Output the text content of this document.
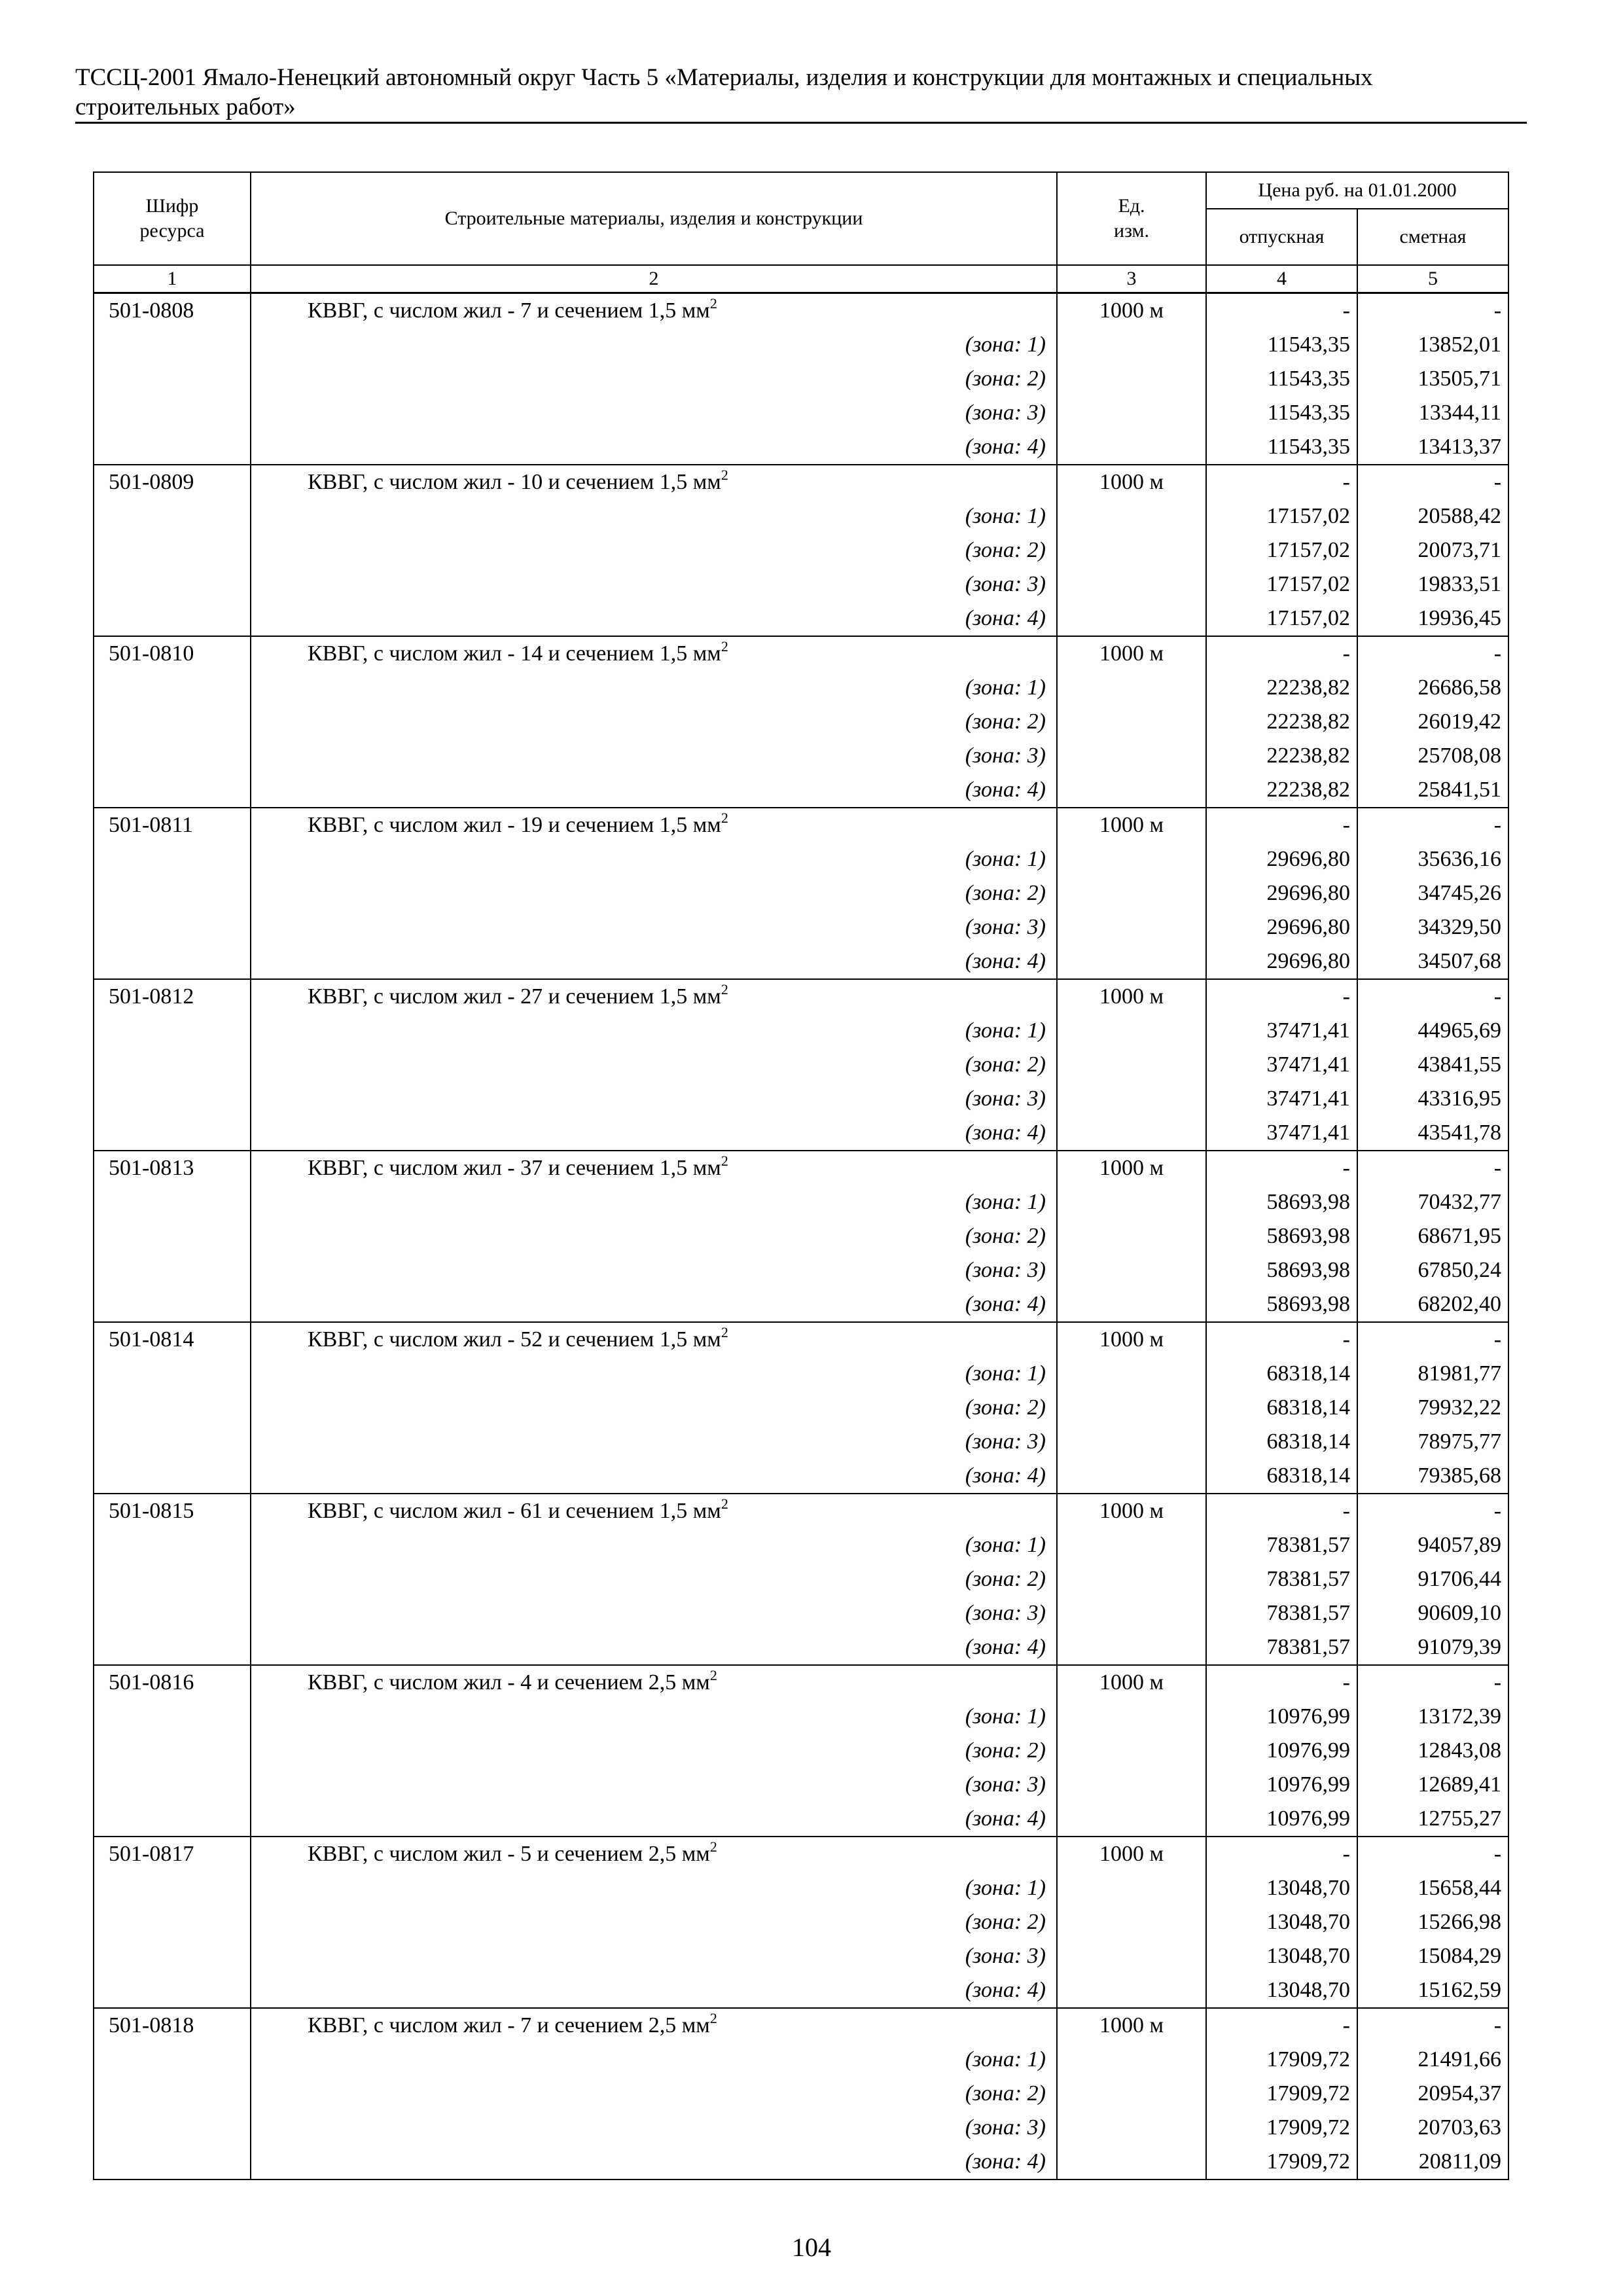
ТССЦ-2001 Ямало-Ненецкий автономный округ Часть 5 «Материалы, изделия и конструкции для монтажных и специальных
строительных работ»
Шифр ресурса	Строительные материалы, изделия и конструкции	Ед. изм.	Цена руб. на 01.01.2000	
			отпускная	сметная
1	2	3	4	5
501-0808	КВВГ, с числом жил - 7 и сечением 1,5 $мм^2$	1000 м	-	-
	(зона: 1)		11543,35	13852,01
	(зона: 2)		11543,35	13505,71
	(зона: 3)		11543,35	13344,11
	(зона: 4)		11543,35	13413,37
501-0809	КВВГ, с числом жил - 10 и сечением 1,5 $мм^2$	1000 м	-	-
	(зона: 1)		17157,02	20588,42
	(зона: 2)		17157,02	20073,71
	(зона: 3)		17157,02	19833,51
	(зона: 4)		17157,02	19936,45
501-0810	КВВГ, с числом жил - 14 и сечением 1,5 $мм^2$	1000 м	-	-
	(зона: 1)		22238,82	26686,58
	(зона: 2)		22238,82	26019,42
	(зона: 3)		22238,82	25708,08
	(зона: 4)		22238,82	25841,51
501-0811	КВВГ, с числом жил - 19 и сечением 1,5 $мм^2$	1000 м	-	-
	(зона: 1)		29696,80	35636,16
	(зона: 2)		29696,80	34745,26
	(зона: 3)		29696,80	34329,50
	(зона: 4)		29696,80	34507,68
501-0812	КВВГ, с числом жил - 27 и сечением 1,5 $мм^2$	1000 м	-	-
	(зона: 1)		37471,41	44965,69
	(зона: 2)		37471,41	43841,55
	(зона: 3)		37471,41	43316,95
	(зона: 4)		37471,41	43541,78
501-0813	КВВГ, с числом жил - 37 и сечением 1,5 $мм^2$	1000 м	-	-
	(зона: 1)		58693,98	70432,77
	(зона: 2)		58693,98	68671,95
	(зона: 3)		58693,98	67850,24
	(зона: 4)		58693,98	68202,40
501-0814	КВВГ, с числом жил - 52 и сечением 1,5 $мм^2$	1000 м	-	-
	(зона: 1)		68318,14	81981,77
	(зона: 2)		68318,14	79932,22
	(зона: 3)		68318,14	78975,77
	(зона: 4)		68318,14	79385,68
501-0815	КВВГ, с числом жил - 61 и сечением 1,5 $мм^2$	1000 м	-	-
	(зона: 1)		78381,57	94057,89
	(зона: 2)		78381,57	91706,44
	(зона: 3)		78381,57	90609,10
	(зона: 4)		78381,57	91079,39
501-0816	КВВГ, с числом жил - 4 и сечением 2,5 $мм^2$	1000 м	-	-
	(зона: 1)		10976,99	13172,39
	(зона: 2)		10976,99	12843,08
	(зона: 3)		10976,99	12689,41
	(зона: 4)		10976,99	12755,27
501-0817	КВВГ, с числом жил - 5 и сечением 2,5 $мм^2$	1000 м	-	-
	(зона: 1)		13048,70	15658,44
	(зона: 2)		13048,70	15266,98
	(зона: 3)		13048,70	15084,29
	(зона: 4)		13048,70	15162,59
501-0818	КВВГ, с числом жил - 7 и сечением 2,5 $мм^2$	1000 м	-	-
	(зона: 1)		17909,72	21491,66
	(зона: 2)		17909,72	20954,37
	(зона: 3)		17909,72	20703,63
	(зона: 4)		17909,72	20811,09
104
